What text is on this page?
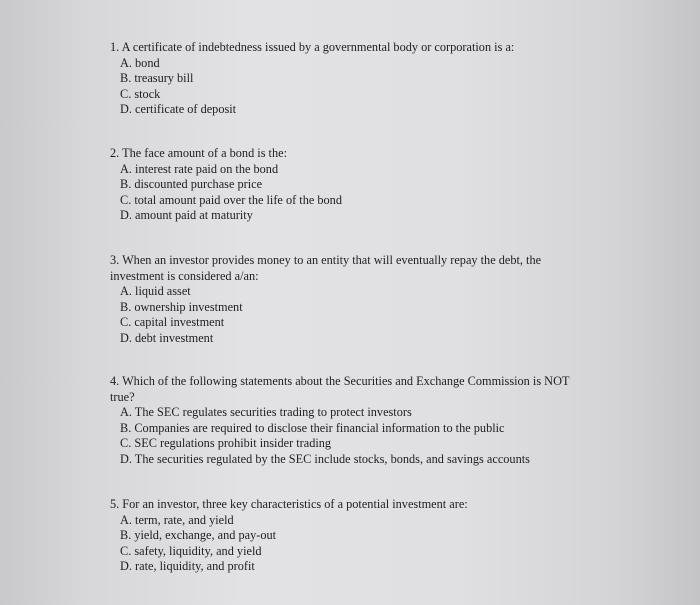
1. A certificate of indebtedness issued by a governmental body or corporation is a:

A. bond
B. treasury bill
C. stock
D. certificate of deposit

2. The face amount of a bond is the:

A. interest rate paid on the bond
B. discounted purchase price
C. total amount paid over the life of the bond
D. amount paid at maturity

3. When an investor provides money to an entity that will eventually repay the debt, the investment is considered a/an:

A. liquid asset
B. ownership investment
C. capital investment
D. debt investment

4. Which of the following statements about the Securities and Exchange Commission is NOT true?

A. The SEC regulates securities trading to protect investors
B. Companies are required to disclose their financial information to the public
C. SEC regulations prohibit insider trading
D. The securities regulated by the SEC include stocks, bonds, and savings accounts

5. For an investor, three key characteristics of a potential investment are:

A. term, rate, and yield
B. yield, exchange, and pay-out
C. safety, liquidity, and yield
D. rate, liquidity, and profit
